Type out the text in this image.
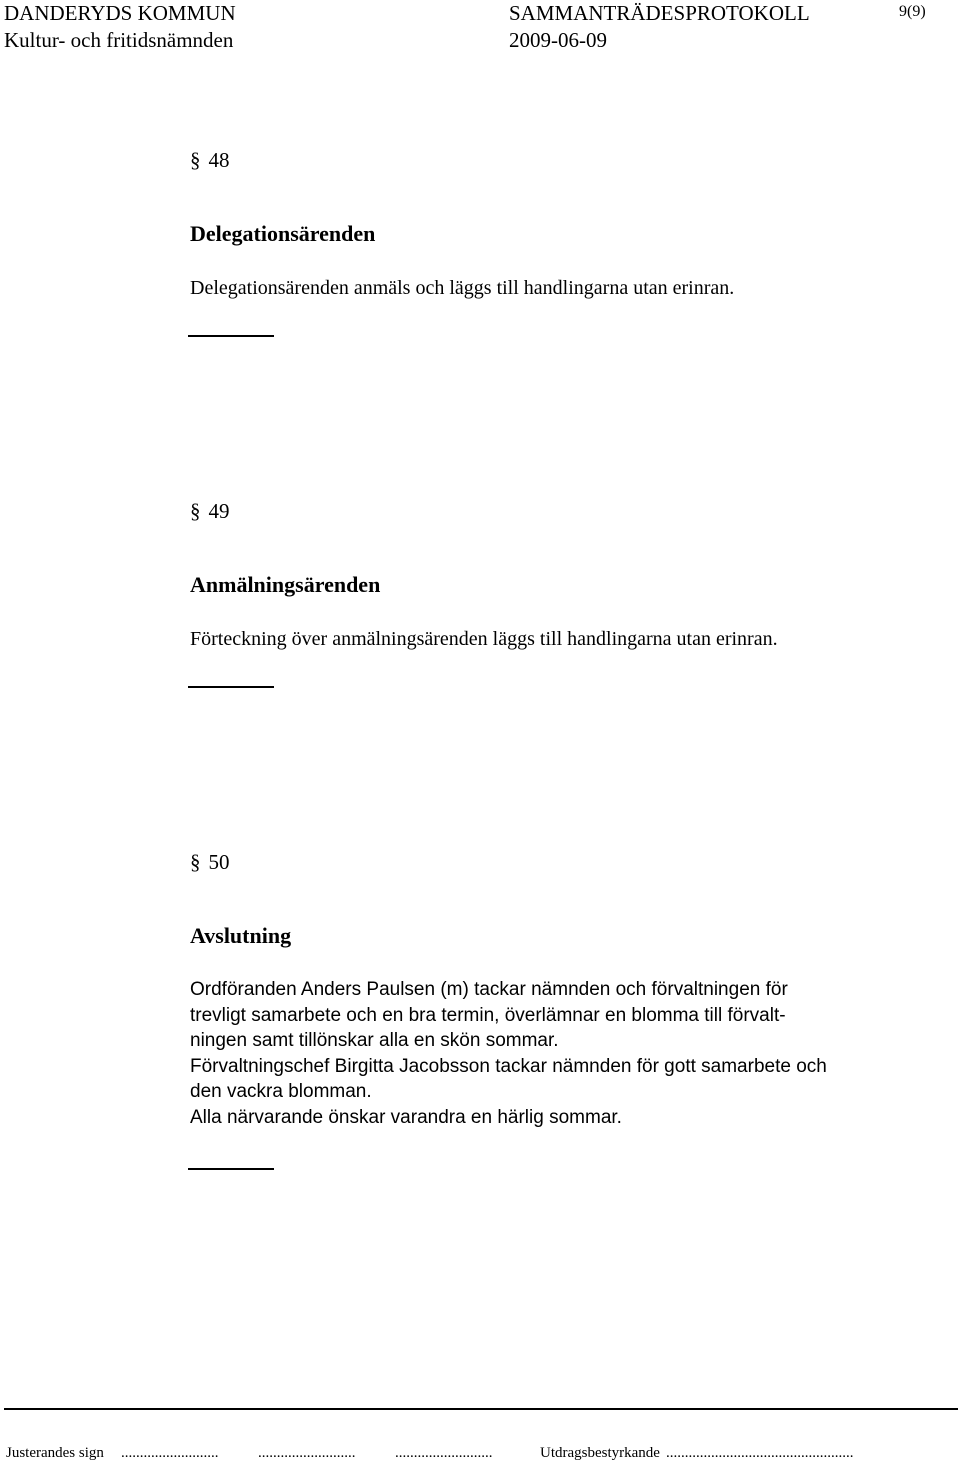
DANDERYDS KOMMUN
Kultur- och fritidsnämnden
SAMMANTRÄDESPROTOKOLL
2009-06-09
9(9)
§ 48
Delegationsärenden
Delegationsärenden anmäls och läggs till handlingarna utan erinran.
§ 49
Anmälningsärenden
Förteckning över anmälningsärenden läggs till handlingarna utan erinran.
§ 50
Avslutning
Ordföranden Anders Paulsen (m) tackar nämnden och förvaltningen för
trevligt samarbete och en bra termin, överlämnar en blomma till förvalt-
ningen samt tillönskar alla en skön sommar.
Förvaltningschef Birgitta Jacobsson tackar nämnden för gott samarbete och
den vackra blomman.
Alla närvarande önskar varandra en härlig sommar.
Justerandes sign ..........................	..........................	..........................	Utdragsbestyrkande ..................................................
